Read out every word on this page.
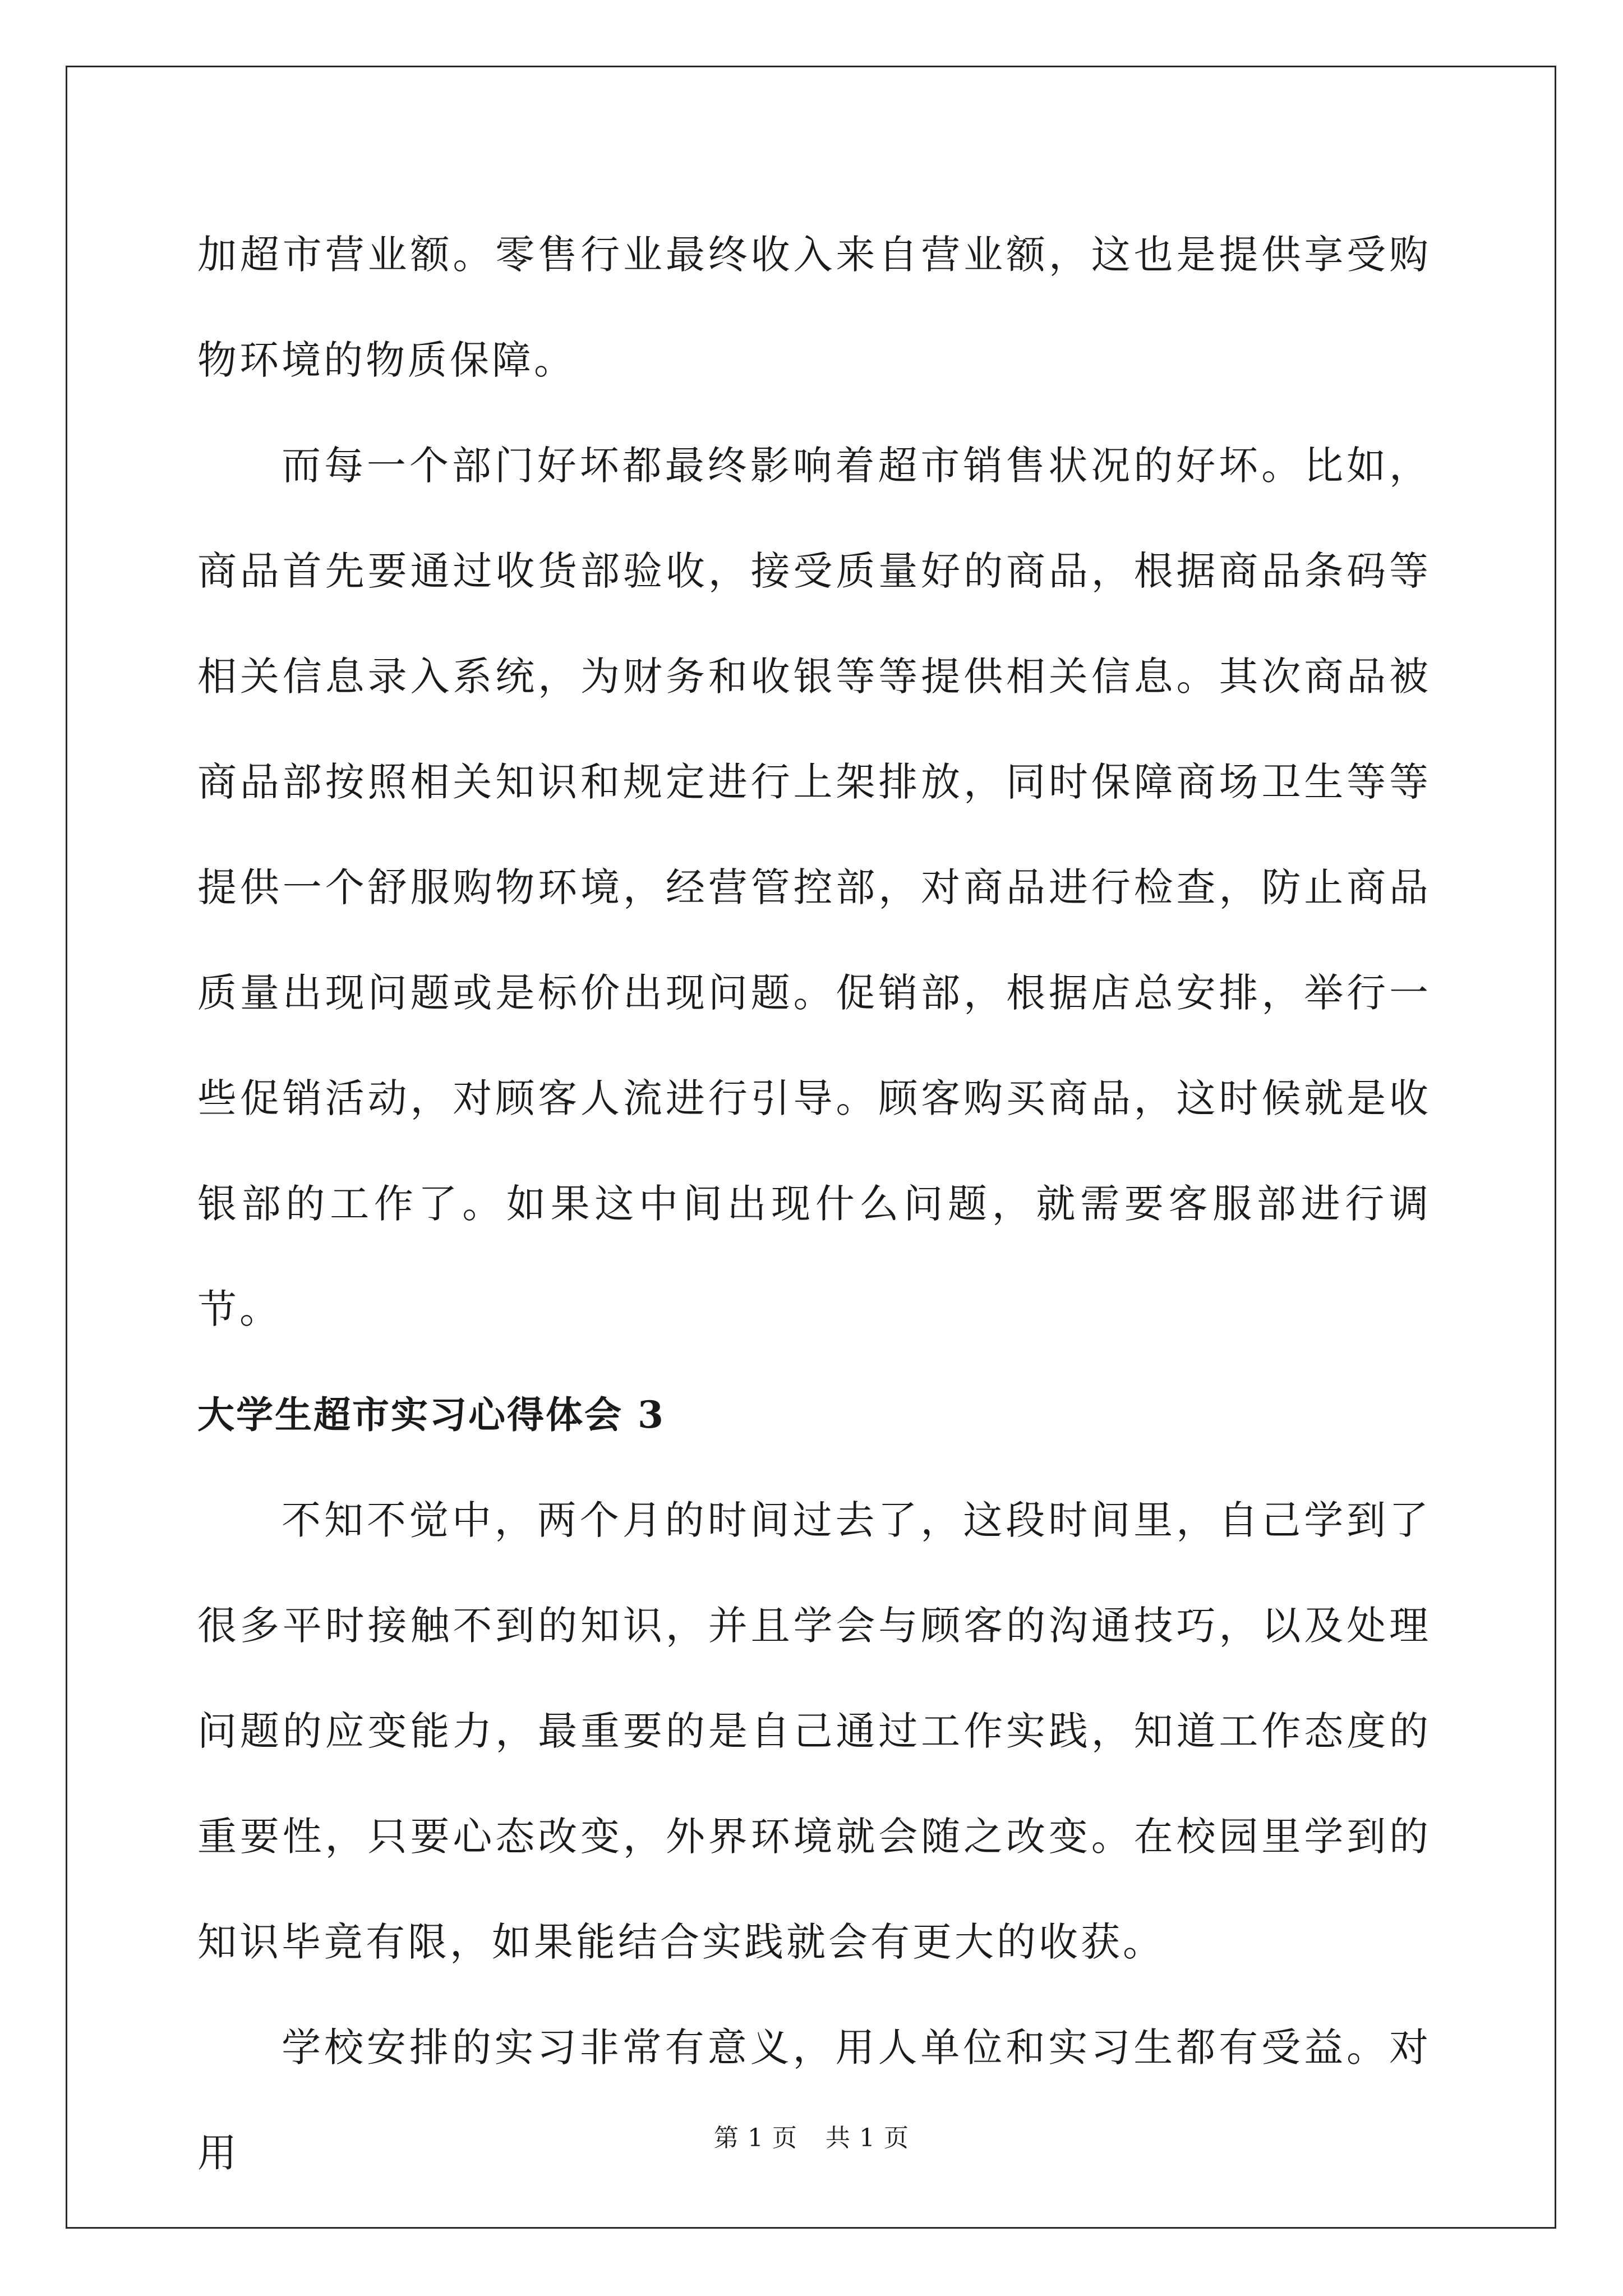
加超市营业额。零售行业最终收入来自营业额，这也是提供享受购物环境的物质保障。

而每一个部门好坏都最终影响着超市销售状况的好坏。比如，商品首先要通过收货部验收，接受质量好的商品，根据商品条码等相关信息录入系统，为财务和收银等等提供相关信息。其次商品被商品部按照相关知识和规定进行上架排放，同时保障商场卫生等等提供一个舒服购物环境，经营管控部，对商品进行检查，防止商品质量出现问题或是标价出现问题。促销部，根据店总安排，举行一些促销活动，对顾客人流进行引导。顾客购买商品，这时候就是收银部的工作了。如果这中间出现什么问题，就需要客服部进行调节。

大学生超市实习心得体会 3

不知不觉中，两个月的时间过去了，这段时间里，自己学到了很多平时接触不到的知识，并且学会与顾客的沟通技巧，以及处理问题的应变能力，最重要的是自己通过工作实践，知道工作态度的重要性，只要心态改变，外界环境就会随之改变。在校园里学到的知识毕竟有限，如果能结合实践就会有更大的收获。

学校安排的实习非常有意义，用人单位和实习生都有受益。对用	第 1 页 共 1 页
